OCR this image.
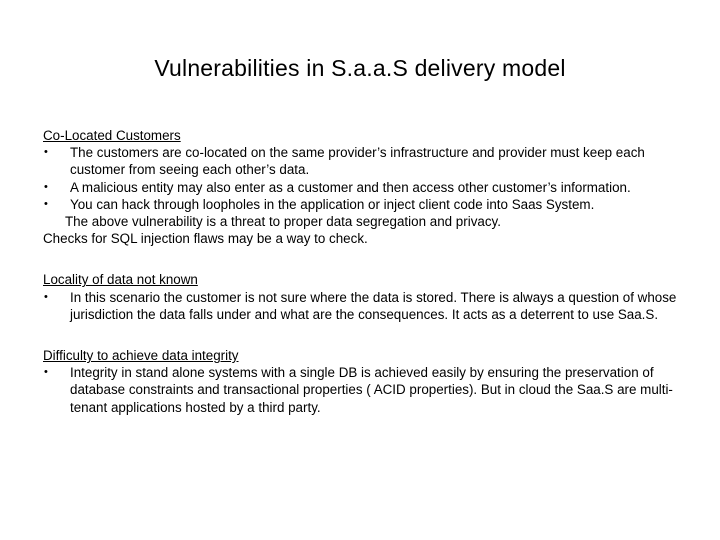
Vulnerabilities in S.a.a.S delivery model

Co-Located Customers

• The customers are co-located on the same provider’s infrastructure and provider must keep each customer from seeing each other’s data.
• A malicious entity may also enter as a customer and then access other customer’s information.
• You can hack through loopholes in the application or inject client code into Saas System.

The above vulnerability is a threat to proper data segregation and privacy.

Checks for SQL injection flaws may be a way to check.

Locality of data not known

• In this scenario the customer is not sure where the data is stored. There is always a question of whose jurisdiction the data falls under and what are the consequences. It acts as a deterrent to use Saa.S.

Difficulty to achieve data integrity

• Integrity in stand alone systems with a single DB is achieved easily by ensuring the preservation of database constraints and transactional properties ( ACID properties). But in cloud the Saa.S are multi-tenant applications hosted by a third party.
